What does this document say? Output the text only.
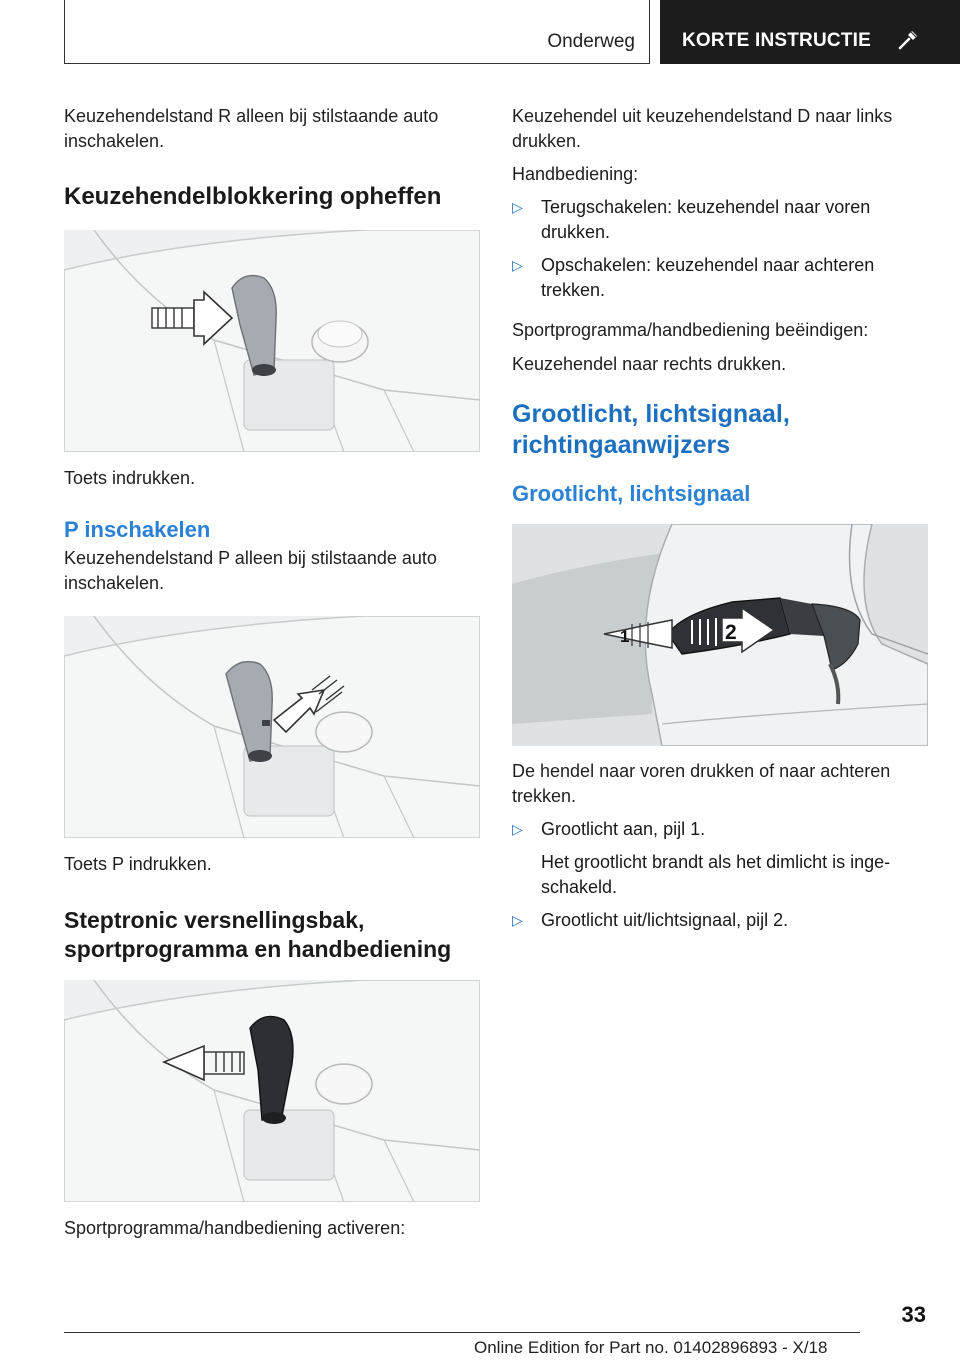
Onderweg KORTE INSTRUCTIE

Keuzehendelstand R alleen bij stilstaande auto inschakelen.

Keuzehendelblokkering opheffen

Toets indrukken.

P inschakelen

Keuzehendelstand P alleen bij stilstaande auto inschakelen.

Toets P indrukken.

Steptronic versnellingsbak, sportprogramma en handbediening

Sportprogramma/handbediening activeren:

Keuzehendel uit keuzehendelstand D naar links drukken.

Handbediening:

▷ Terugschakelen: keuzehendel naar voren drukken.
▷ Opschakelen: keuzehendel naar achteren trekken.

Sportprogramma/handbediening beëindigen:

Keuzehendel naar rechts drukken.

Grootlicht, lichtsignaal, richtingaanwijzers
Grootlicht, lichtsignaal
1	2

De hendel naar voren drukken of naar achteren trekken.

▷ Grootlicht aan, pijl 1.

Het grootlicht brandt als het dimlicht is ingeschakeld.

▷ Grootlicht uit/lichtsignaal, pijl 2.
33
Online Edition for Part no. 01402896893 - X/18
